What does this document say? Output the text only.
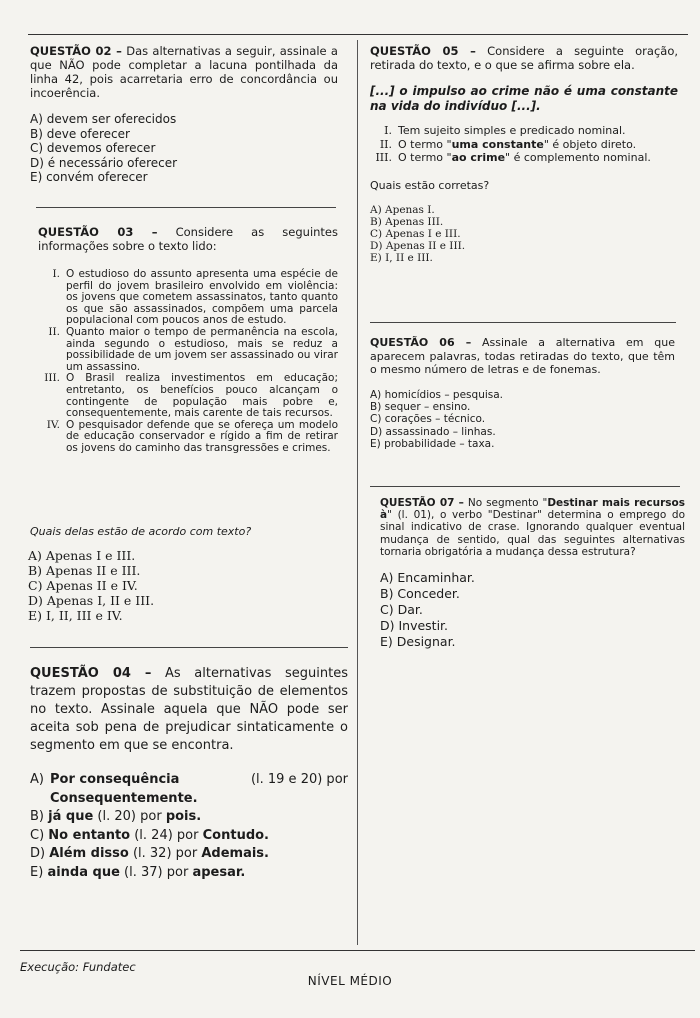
QUESTÃO 02 – Das alternativas a seguir, assinale a que NÃO pode completar a lacuna pontilhada da linha 42, pois acarretaria erro de concordância ou incoerência.
A) devem ser oferecidos
B) deve oferecer
C) devemos oferecer
D) é necessário oferecer
E) convém oferecer
QUESTÃO 03 – Considere as seguintes informações sobre o texto lido:
I. O estudioso do assunto apresenta uma espécie de perfil do jovem brasileiro envolvido em violência: os jovens que cometem assassinatos, tanto quanto os que são assassinados, compõem uma parcela populacional com poucos anos de estudo.
II. Quanto maior o tempo de permanência na escola, ainda segundo o estudioso, mais se reduz a possibilidade de um jovem ser assassinado ou virar um assassino.
III. O Brasil realiza investimentos em educação; entretanto, os benefícios pouco alcançam o contingente de população mais pobre e, consequentemente, mais carente de tais recursos.
IV. O pesquisador defende que se ofereça um modelo de educação conservador e rígido a fim de retirar os jovens do caminho das transgressões e crimes.
Quais delas estão de acordo com texto?
A) Apenas I e III.
B) Apenas II e III.
C) Apenas II e IV.
D) Apenas I, II e III.
E) I, II, III e IV.
QUESTÃO 04 – As alternativas seguintes trazem propostas de substituição de elementos no texto. Assinale aquela que NÃO pode ser aceita sob pena de prejudicar sintaticamente o segmento em que se encontra.
A) Por consequência	(l. 19 e 20) por
Consequentemente.
B) já que (l. 20) por pois.
C) No entanto (l. 24) por Contudo.
D) Além disso (l. 32) por Ademais.
E) ainda que (l. 37) por apesar.
QUESTÃO 05 – Considere a seguinte oração, retirada do texto, e o que se afirma sobre ela.
[...] o impulso ao crime não é uma constante na vida do indivíduo [...].
I. Tem sujeito simples e predicado nominal.
II. O termo "uma constante" é objeto direto.
III. O termo "ao crime" é complemento nominal.
Quais estão corretas?
A) Apenas I.
B) Apenas III.
C) Apenas I e III.
D) Apenas II e III.
E) I, II e III.
QUESTÃO 06 – Assinale a alternativa em que aparecem palavras, todas retiradas do texto, que têm o mesmo número de letras e de fonemas.
A) homicídios – pesquisa.
B) sequer – ensino.
C) corações – técnico.
D) assassinado – linhas.
E) probabilidade – taxa.
QUESTÃO 07 – No segmento "Destinar mais recursos à" (l. 01), o verbo "Destinar" determina o emprego do sinal indicativo de crase. Ignorando qualquer eventual mudança de sentido, qual das seguintes alternativas tornaria obrigatória a mudança dessa estrutura?
A) Encaminhar.
B) Conceder.
C) Dar.
D) Investir.
E) Designar.
Execução: Fundatec
NÍVEL MÉDIO
